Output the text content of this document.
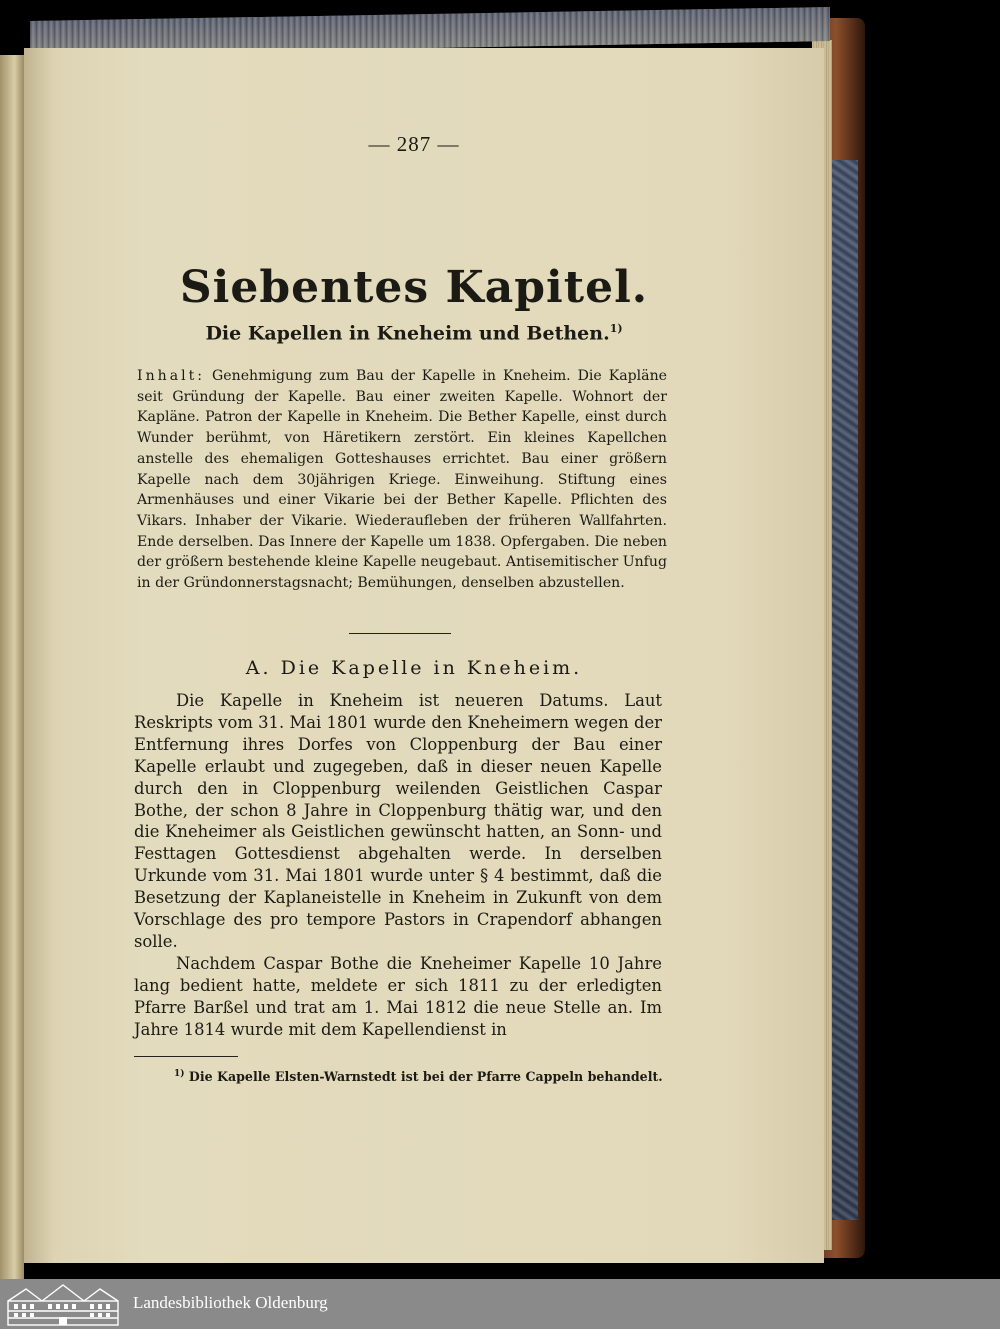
— 287 —
Siebentes Kapitel.
Die Kapellen in Kneheim und Bethen.$^{1)}$
Inhalt: Genehmigung zum Bau der Kapelle in Kneheim. Die Kapläne seit Gründung der Kapelle. Bau einer zweiten Kapelle. Wohnort der Kapläne. Patron der Kapelle in Kneheim. Die Bether Kapelle, einst durch Wunder berühmt, von Häretikern zerstört. Ein kleines Kapellchen anstelle des ehemaligen Gotteshauses errichtet. Bau einer größern Kapelle nach dem 30jährigen Kriege. Einweihung. Stiftung eines Armenhäuses und einer Vikarie bei der Bether Kapelle. Pflichten des Vikars. Inhaber der Vikarie. Wiederaufleben der früheren Wallfahrten. Ende derselben. Das Innere der Kapelle um 1838. Opfergaben. Die neben der größern bestehende kleine Kapelle neugebaut. Antisemitischer Unfug in der Gründonnerstagsnacht; Bemühungen, denselben abzustellen.
A. Die Kapelle in Kneheim.

Die Kapelle in Kneheim ist neueren Datums. Laut Reskripts vom 31. Mai 1801 wurde den Kneheimern wegen der Entfernung ihres Dorfes von Cloppenburg der Bau einer Kapelle erlaubt und zugegeben, daß in dieser neuen Kapelle durch den in Cloppenburg weilenden Geistlichen Caspar Bothe, der schon 8 Jahre in Cloppenburg thätig war, und den die Kneheimer als Geistlichen gewünscht hatten, an Sonn- und Festtagen Gottesdienst abgehalten werde. In derselben Urkunde vom 31. Mai 1801 wurde unter § 4 bestimmt, daß die Besetzung der Kaplaneistelle in Kneheim in Zukunft von dem Vorschlage des pro tempore Pastors in Crapendorf abhangen solle.

Nachdem Caspar Bothe die Kneheimer Kapelle 10 Jahre lang bedient hatte, meldete er sich 1811 zu der erledigten Pfarre Barßel und trat am 1. Mai 1812 die neue Stelle an. Im Jahre 1814 wurde mit dem Kapellendienst in

$^{1)}$ Die Kapelle Elsten-Warnstedt ist bei der Pfarre Cappeln behandelt.
Landesbibliothek Oldenburg
